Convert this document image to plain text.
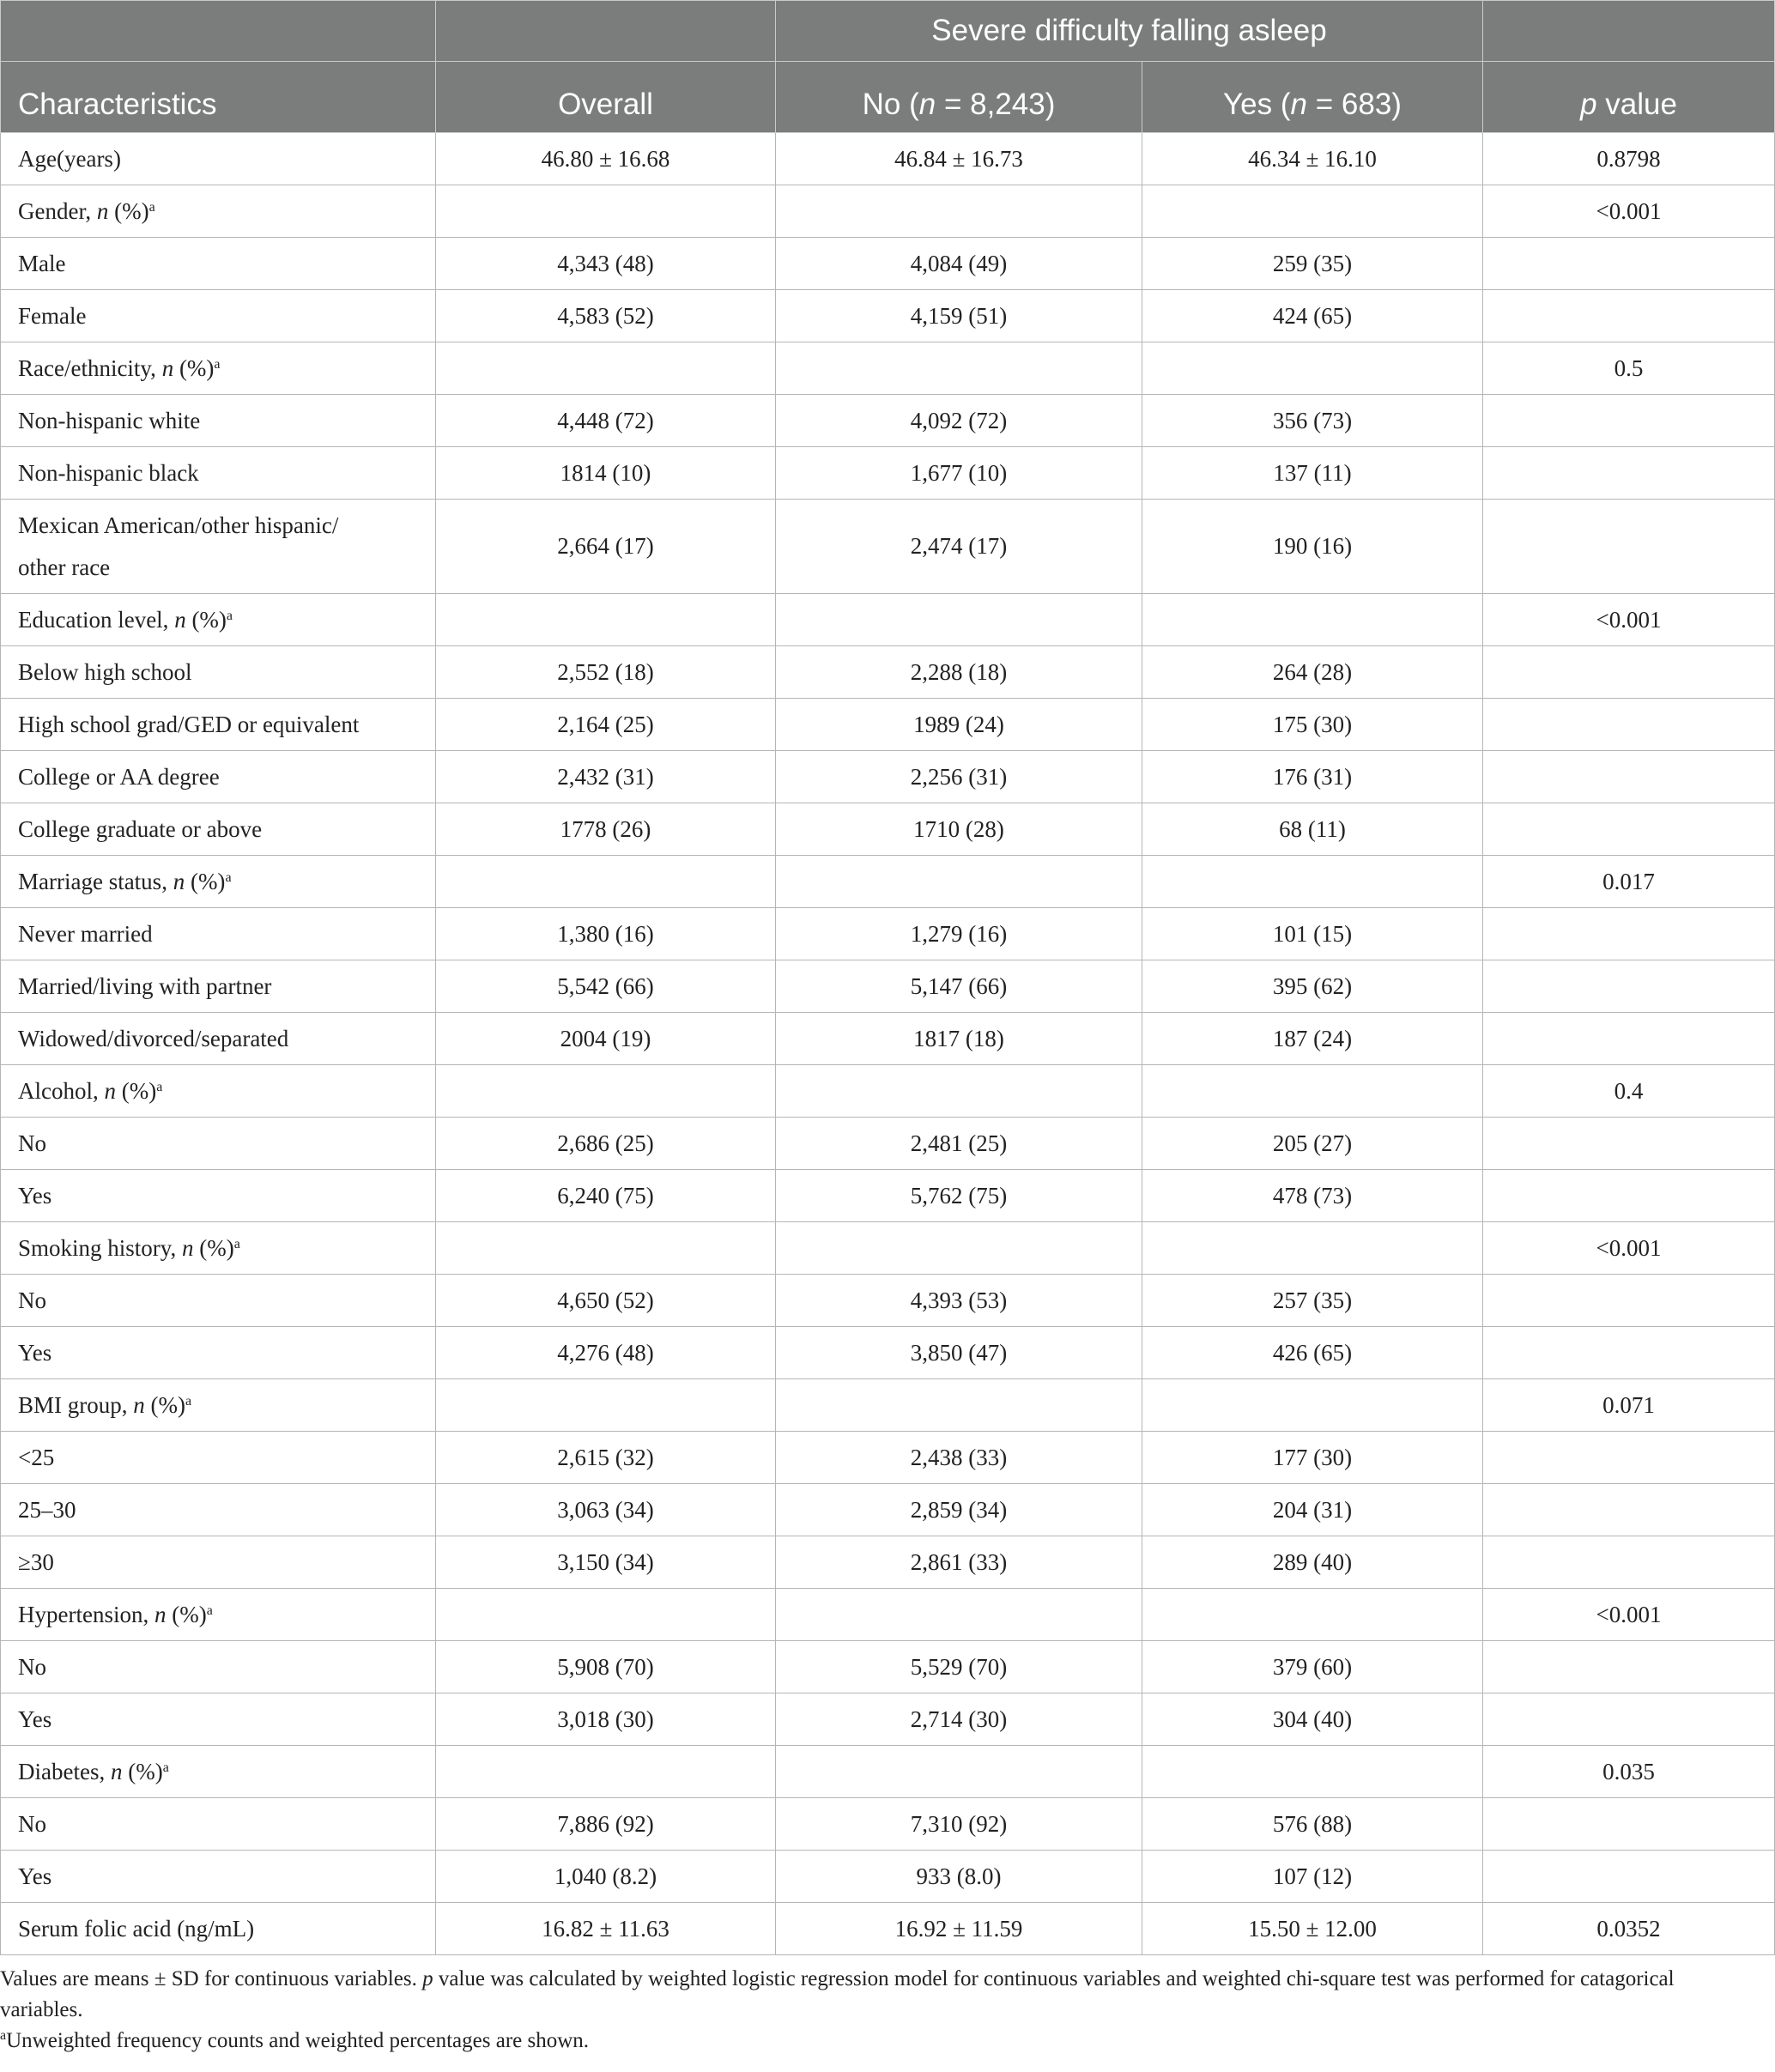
		Severe difficulty falling asleep		
Characteristics	Overall	No (n = 8,243)	Yes (n = 683)	p value
Age(years)	46.80 ± 16.68	46.84 ± 16.73	46.34 ± 16.10	0.8798
Gender, n (%)$^a$				<0.001
Male	4,343 (48)	4,084 (49)	259 (35)	
Female	4,583 (52)	4,159 (51)	424 (65)	
Race/ethnicity, n (%)$^a$				0.5
Non-hispanic white	4,448 (72)	4,092 (72)	356 (73)	
Non-hispanic black	1814 (10)	1,677 (10)	137 (11)	
Mexican American/other hispanic/
other race	2,664 (17)	2,474 (17)	190 (16)	
Education level, n (%)$^a$				<0.001
Below high school	2,552 (18)	2,288 (18)	264 (28)	
High school grad/GED or equivalent	2,164 (25)	1989 (24)	175 (30)	
College or AA degree	2,432 (31)	2,256 (31)	176 (31)	
College graduate or above	1778 (26)	1710 (28)	68 (11)	
Marriage status, n (%)$^a$				0.017
Never married	1,380 (16)	1,279 (16)	101 (15)	
Married/living with partner	5,542 (66)	5,147 (66)	395 (62)	
Widowed/divorced/separated	2004 (19)	1817 (18)	187 (24)	
Alcohol, n (%)$^a$				0.4
No	2,686 (25)	2,481 (25)	205 (27)	
Yes	6,240 (75)	5,762 (75)	478 (73)	
Smoking history, n (%)$^a$				<0.001
No	4,650 (52)	4,393 (53)	257 (35)	
Yes	4,276 (48)	3,850 (47)	426 (65)	
BMI group, n (%)$^a$				0.071
<25	2,615 (32)	2,438 (33)	177 (30)	
25–30	3,063 (34)	2,859 (34)	204 (31)	
≥30	3,150 (34)	2,861 (33)	289 (40)	
Hypertension, n (%)$^a$				<0.001
No	5,908 (70)	5,529 (70)	379 (60)	
Yes	3,018 (30)	2,714 (30)	304 (40)	
Diabetes, n (%)$^a$				0.035
No	7,886 (92)	7,310 (92)	576 (88)	
Yes	1,040 (8.2)	933 (8.0)	107 (12)	
Serum folic acid (ng/mL)	16.82 ± 11.63	16.92 ± 11.59	15.50 ± 12.00	0.0352

Values are means ± SD for continuous variables. p value was calculated by weighted logistic regression model for continuous variables and weighted chi-square test was performed for catagorical variables.

$^a$Unweighted frequency counts and weighted percentages are shown.
